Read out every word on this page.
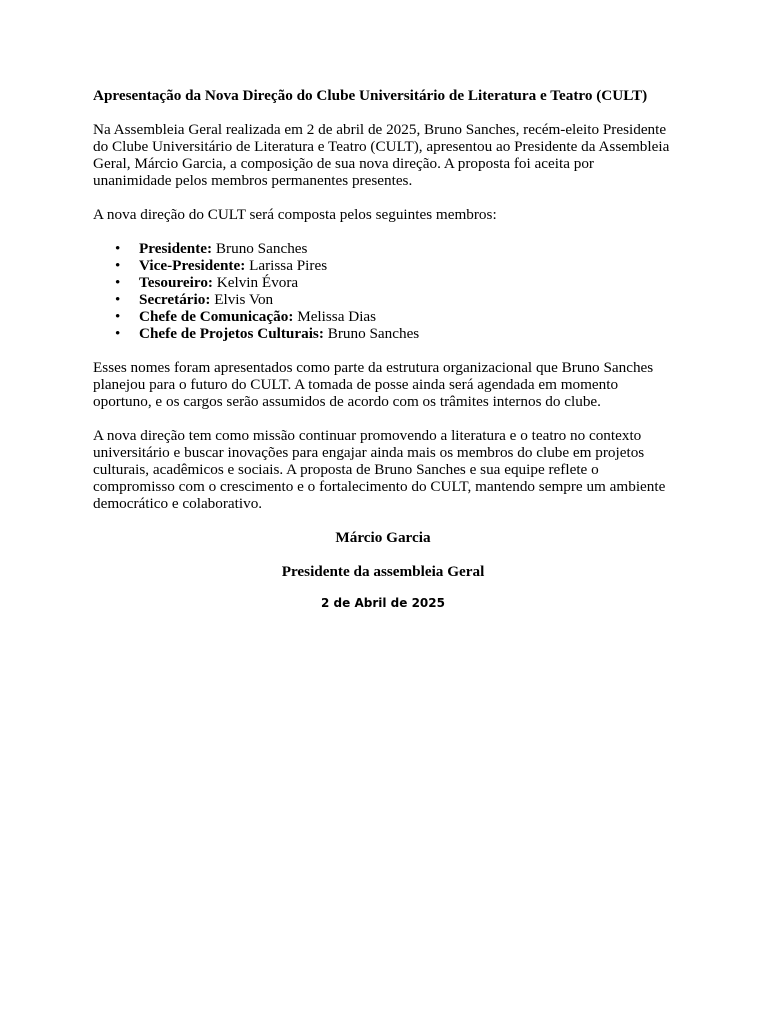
Apresentação da Nova Direção do Clube Universitário de Literatura e Teatro (CULT)

Na Assembleia Geral realizada em 2 de abril de 2025, Bruno Sanches, recém-eleito Presidente do Clube Universitário de Literatura e Teatro (CULT), apresentou ao Presidente da Assembleia Geral, Márcio Garcia, a composição de sua nova direção. A proposta foi aceita por unanimidade pelos membros permanentes presentes.

A nova direção do CULT será composta pelos seguintes membros:

• Presidente: Bruno Sanches
• Vice-Presidente: Larissa Pires
• Tesoureiro: Kelvin Évora
• Secretário: Elvis Von
• Chefe de Comunicação: Melissa Dias
• Chefe de Projetos Culturais: Bruno Sanches

Esses nomes foram apresentados como parte da estrutura organizacional que Bruno Sanches planejou para o futuro do CULT. A tomada de posse ainda será agendada em momento oportuno, e os cargos serão assumidos de acordo com os trâmites internos do clube.

A nova direção tem como missão continuar promovendo a literatura e o teatro no contexto universitário e buscar inovações para engajar ainda mais os membros do clube em projetos culturais, acadêmicos e sociais. A proposta de Bruno Sanches e sua equipe reflete o compromisso com o crescimento e o fortalecimento do CULT, mantendo sempre um ambiente democrático e colaborativo.

Márcio Garcia
Presidente da assembleia Geral
2 de Abril de 2025
